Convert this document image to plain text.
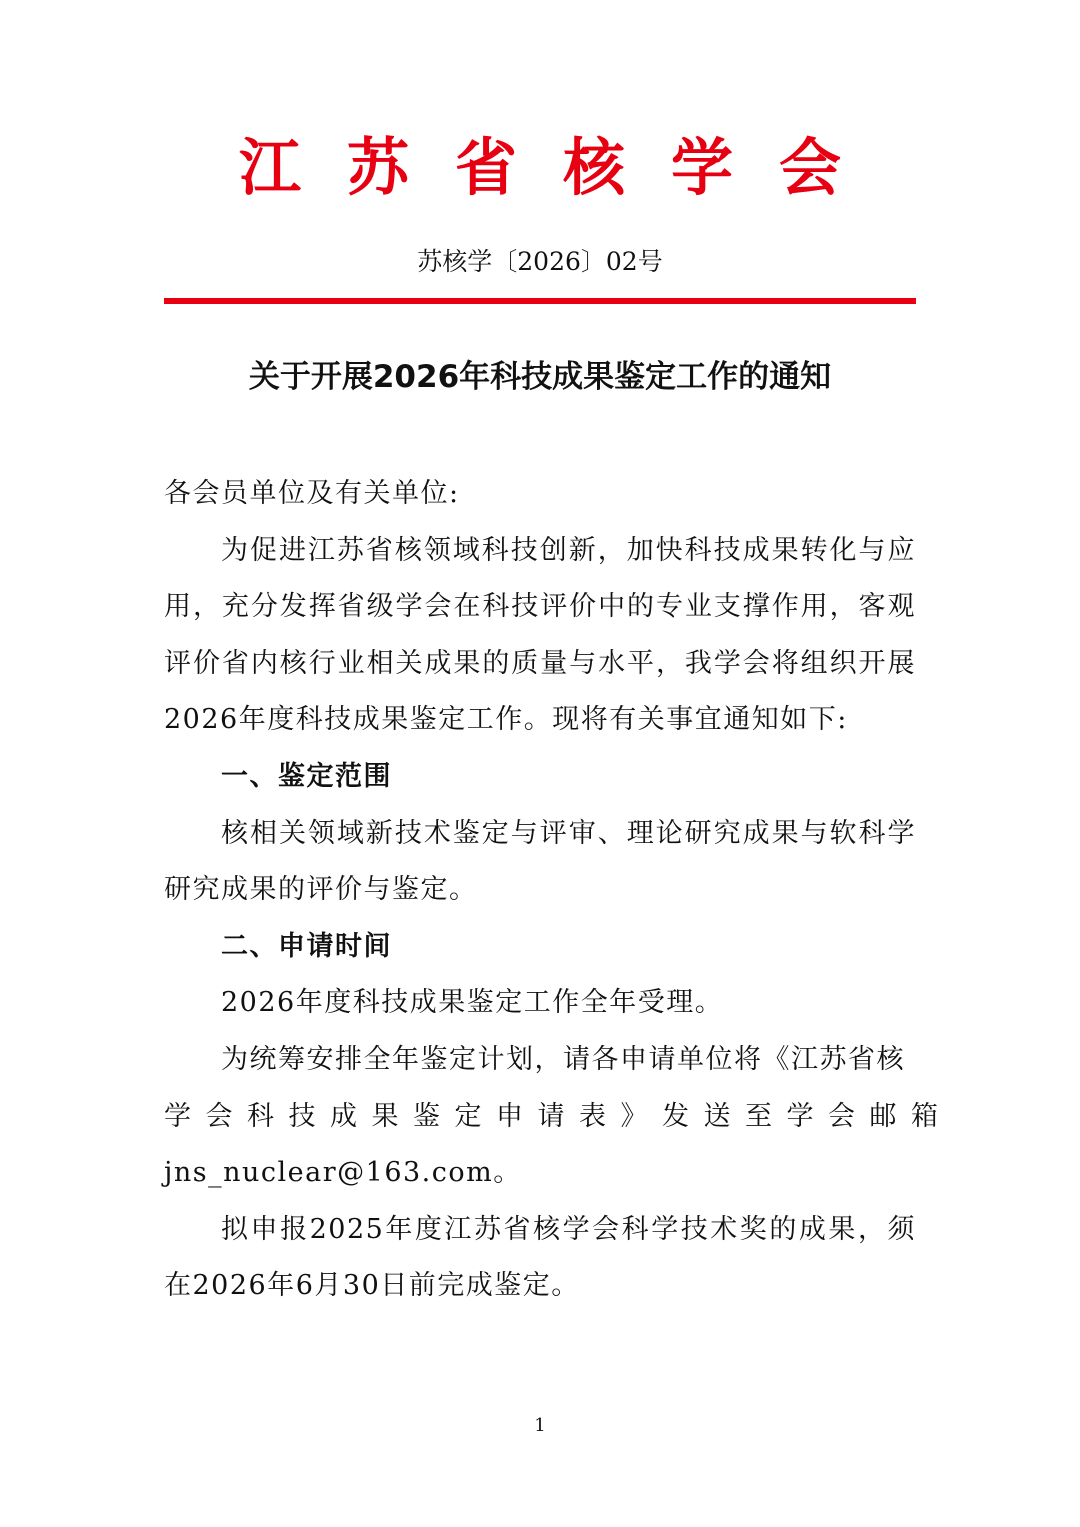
江苏省核学会
苏核学〔2026〕02号
关于开展2026年科技成果鉴定工作的通知

各会员单位及有关单位:

为促进江苏省核领域科技创新，加快科技成果转化与应用，充分发挥省级学会在科技评价中的专业支撑作用，客观评价省内核行业相关成果的质量与水平，我学会将组织开展2026年度科技成果鉴定工作。现将有关事宜通知如下:

一、鉴定范围

核相关领域新技术鉴定与评审、理论研究成果与软科学研究成果的评价与鉴定。

二、申请时间

2026年度科技成果鉴定工作全年受理。

为统筹安排全年鉴定计划，请各申请单位将《江苏省核

学会科技成果鉴定申请表》发送至学会邮箱

jns_nuclear@163.com。

拟申报2025年度江苏省核学会科学技术奖的成果，须在2026年6月30日前完成鉴定。

1
